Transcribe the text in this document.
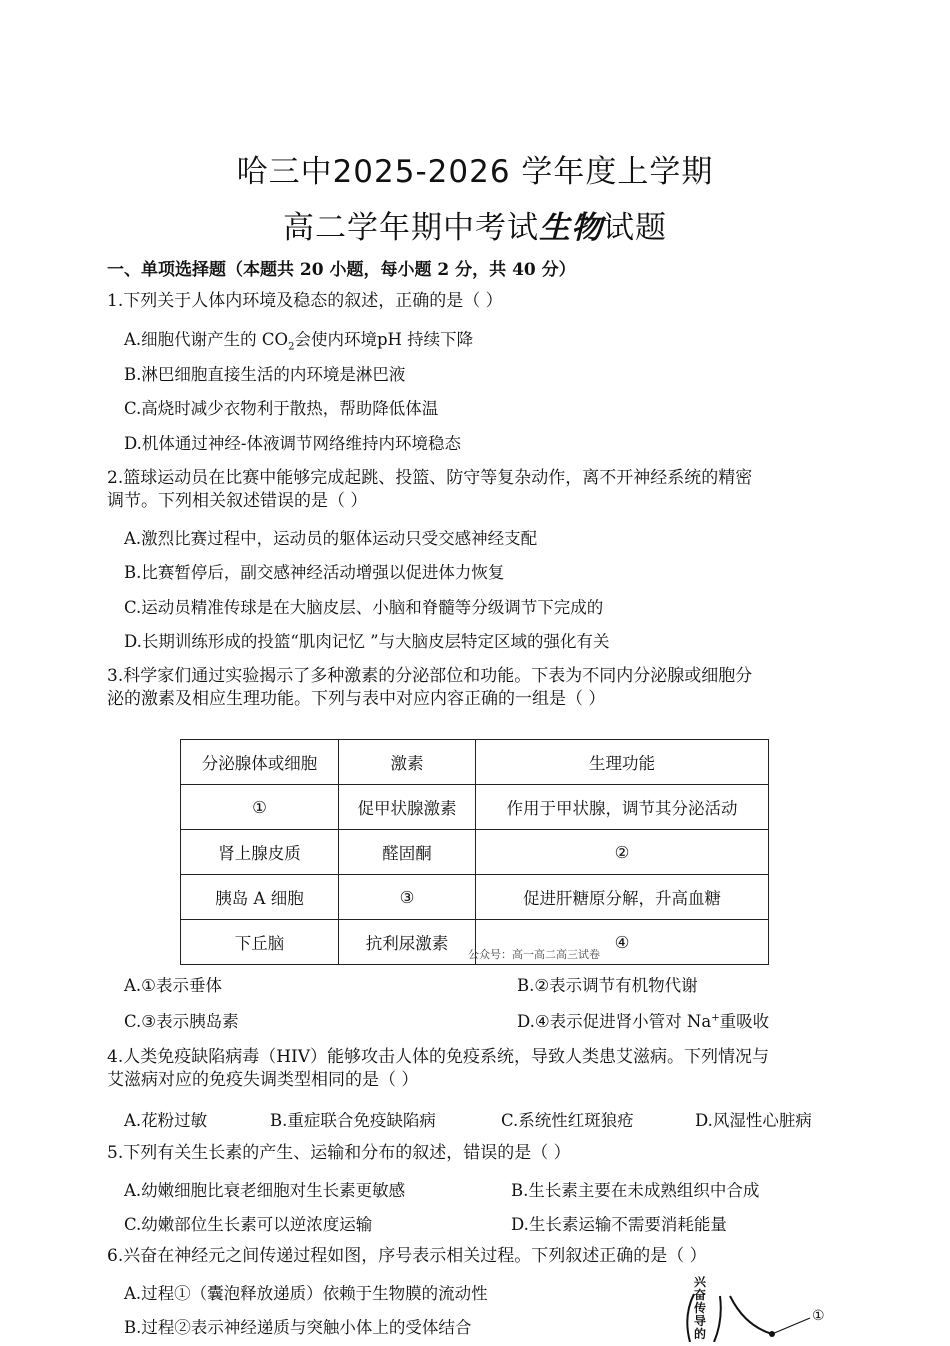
哈三中2025-2026 学年度上学期
高二学年期中考试生物试题
一、单项选择题（本题共 20 小题，每小题 2 分，共 40 分）
1.下列关于人体内环境及稳态的叙述，正确的是（ ）
A.细胞代谢产生的 $CO_2$会使内环境pH 持续下降
B.淋巴细胞直接生活的内环境是淋巴液
C.高烧时减少衣物利于散热，帮助降低体温
D.机体通过神经-体液调节网络维持内环境稳态
2.篮球运动员在比赛中能够完成起跳、投篮、防守等复杂动作，离不开神经系统的精密
调节。下列相关叙述错误的是（ ）
A.激烈比赛过程中，运动员的躯体运动只受交感神经支配
B.比赛暂停后，副交感神经活动增强以促进体力恢复
C.运动员精准传球是在大脑皮层、小脑和脊髓等分级调节下完成的
D.长期训练形成的投篮“肌肉记忆 ”与大脑皮层特定区域的强化有关
3.科学家们通过实验揭示了多种激素的分泌部位和功能。下表为不同内分泌腺或细胞分
泌的激素及相应生理功能。下列与表中对应内容正确的一组是（ ）
分泌腺体或细胞	激素	生理功能
①	促甲状腺激素	作用于甲状腺，调节其分泌活动
肾上腺皮质	醛固酮	②
胰岛 A 细胞	③	促进肝糖原分解，升高血糖
下丘脑	抗利尿激素	④
公众号：高一高二高三试卷
A.①表示垂体	B.②表示调节有机物代谢
C.③表示胰岛素	D.④表示促进肾小管对 Na+重吸收
4.人类免疫缺陷病毒（HIV）能够攻击人体的免疫系统，导致人类患艾滋病。下列情况与
艾滋病对应的免疫失调类型相同的是（ ）
A.花粉过敏	B.重症联合免疫缺陷病	C.系统性红斑狼疮	D.风湿性心脏病
5.下列有关生长素的产生、运输和分布的叙述，错误的是（ ）
A.幼嫩细胞比衰老细胞对生长素更敏感	B.生长素主要在未成熟组织中合成
C.幼嫩部位生长素可以逆浓度运输	D.生长素运输不需要消耗能量
6.兴奋在神经元之间传递过程如图，序号表示相关过程。下列叙述正确的是（ ）
A.过程①（囊泡释放递质）依赖于生物膜的流动性
B.过程②表示神经递质与突触小体上的受体结合
兴奋传导的
①
